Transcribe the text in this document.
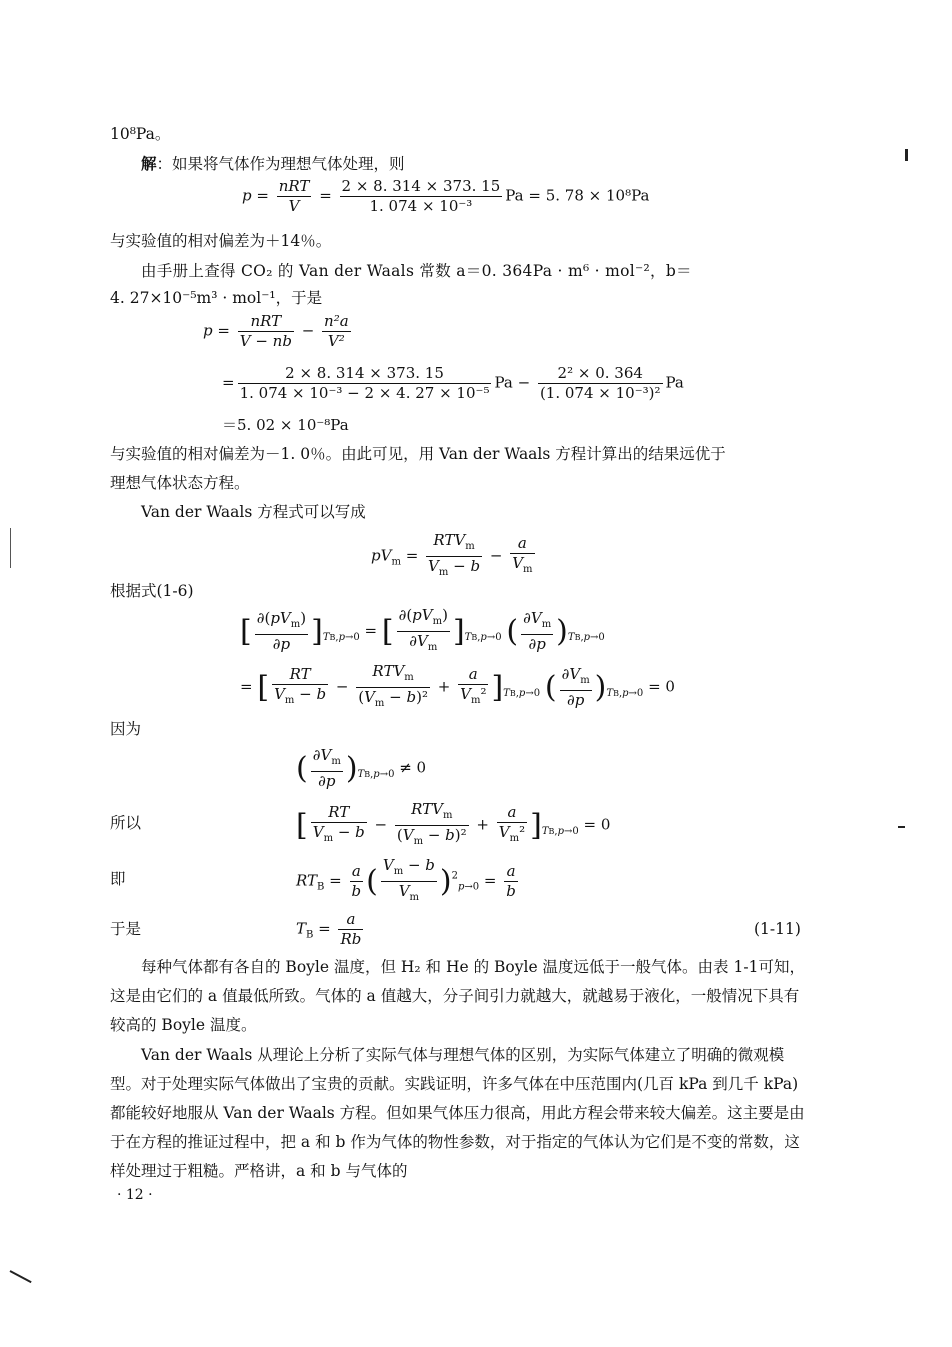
10⁸Pa。
解：如果将气体作为理想气体处理，则
$p = \frac{\text{nRT}}{V} = \frac{2 \times 8. 314 \times 373. 15}{\text{1. 074 × 10⁻³}}$ Pa = 5. 78 × 10⁸Pa
与实验值的相对偏差为＋14％。
由手册上查得 CO₂ 的 Van der Waals 常数 a＝0. 364Pa · m⁶ · mol⁻²，b＝
4. 27×10⁻⁵m³ · mol⁻¹，于是
$p = \frac{\text{nRT}}{V - nb} - \frac{\text{n²a}}{\text{V²}}$
= $\frac{2 \times 8. 314 \times 373. 15}{\text{1. 074 × 10⁻³ − 2 × 4. 27 × 10⁻⁵}}$ $Pa - \frac{\text{2² × 0. 364}}{\text{(1. 074 × 10⁻³)²}}$ Pa
＝5. 02 × 10⁻⁸Pa
与实验值的相对偏差为－1. 0％。由此可见，用 Van der Waals 方程计算出的结果远优于
理想气体状态方程。
Van der Waals 方程式可以写成
$pV_m = \frac{RTV_m}{V_m - b} - \frac{a}{V_m}$
根据式(1-6)
[ $\frac{\partial(pV_m)}{\partial p} ]_{TB,p\to 0}$ = [ $\frac{\partial(pV_m)}{\partial V_m} ]_{TB,p\to 0}$ ( $\frac{\partial V_m}{\partial p} )_{TB,p\to 0}$
= [ $\frac{RT}{V_m - b} - \frac{RTV_m}{(V_m - b)^2} + \frac{a}{V_m^2} ]_{TB,p\to 0}$ ( $\frac{\partial V_m}{\partial p} )_{TB,p\to 0} = 0$
因为
( $\frac{\partial V_m}{\partial p} )_{TB,p\to 0} \ne 0$
所以	[ $\frac{RT}{V_m - b} - \frac{RTV_m}{(V_m - b)^2} + \frac{a}{V_m^2} ]_{TB,p\to 0} = 0$
即	$RT_B = \frac{a}{b}$ ( $\frac{V_m - b}{V_m} )^2_{p\to 0} = \frac{a}{b}$
于是	$T_B = \frac{a}{Rb}$	(1-11)
每种气体都有各自的 Boyle 温度，但 H₂ 和 He 的 Boyle 温度远低于一般气体。由表 1-1可知，这是由它们的 a 值最低所致。气体的 a 值越大，分子间引力就越大，就越易于液化，一般情况下具有较高的 Boyle 温度。
Van der Waals 从理论上分析了实际气体与理想气体的区别，为实际气体建立了明确的微观模型。对于处理实际气体做出了宝贵的贡献。实践证明，许多气体在中压范围内(几百 kPa 到几千 kPa)都能较好地服从 Van der Waals 方程。但如果气体压力很高，用此方程会带来较大偏差。这主要是由于在方程的推证过程中，把 a 和 b 作为气体的物性参数，对于指定的气体认为它们是不变的常数，这样处理过于粗糙。严格讲，a 和 b 与气体的
· 12 ·
